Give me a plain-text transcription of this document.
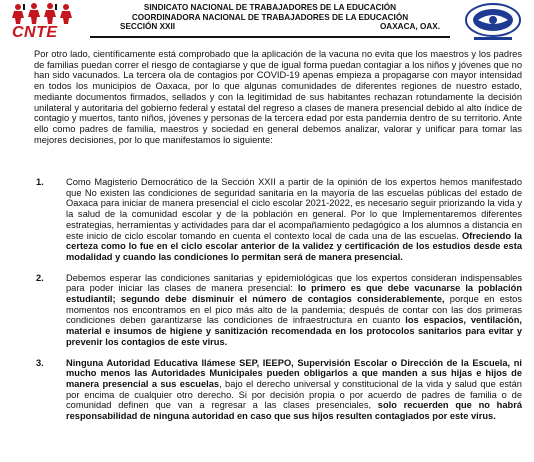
CNTE
SINDICATO NACIONAL DE TRABAJADORES DE LA EDUCACIÓN
COORDINADORA NACIONAL DE TRABAJADORES DE LA EDUCACIÓN
SECCIÓN XXII	OAXACA, OAX.

Por otro lado, científicamente está comprobado que la aplicación de la vacuna no evita que los maestros y los padres de familias puedan correr el riesgo de contagiarse y que de igual forma puedan contagiar a los niños y jóvenes que no han sido vacunados. La tercera ola de contagios por COVID-19 apenas empieza a propagarse con mayor intensidad en todos los municipios de Oaxaca, por lo que algunas comunidades de diferentes regiones de nuestro estado, mediante documentos firmados, sellados y con la legitimidad de sus habitantes rechazan rotundamente la decisión unilateral y autoritaria del gobierno federal y estatal del regreso a clases de manera presencial debido al alto índice de contagio y muertos, tanto niños, jóvenes y personas de la tercera edad por esta pandemia dentro de su territorio. Ante ello como padres de familia, maestros y sociedad en general debemos analizar, valorar y unificar para tomar las mejores decisiones, por lo que manifestamos lo siguiente:

1. Como Magisterio Democrático de la Sección XXII a partir de la opinión de los expertos hemos manifestado que No existen las condiciones de seguridad sanitaria en la mayoría de las escuelas públicas del estado de Oaxaca para iniciar de manera presencial el ciclo escolar 2021-2022, es necesario seguir priorizando la vida y la salud de la comunidad escolar y de la población en general. Por lo que Implementaremos diferentes estrategias, herramientas y actividades para dar el acompañamiento pedagógico a los alumnos a distancia en este inicio de ciclo escolar tomando en cuenta el contexto local de cada una de las escuelas. Ofreciendo la certeza como lo fue en el ciclo escolar anterior de la validez y certificación de los estudios desde esta modalidad y cuando las condiciones lo permitan será de manera presencial.
2. Debemos esperar las condiciones sanitarias y epidemiológicas que los expertos consideran indispensables para poder iniciar las clases de manera presencial: lo primero es que debe vacunarse la población estudiantil; segundo debe disminuir el número de contagios considerablemente, porque en estos momentos nos encontramos en el pico más alto de la pandemia; después de contar con las dos primeras condiciones deben garantizarse las condiciones de infraestructura en cuanto los espacios, ventilación, material e insumos de higiene y sanitización recomendada en los protocolos sanitarios para evitar y prevenir los contagios de este virus.
3. Ninguna Autoridad Educativa llámese SEP, IEEPO, Supervisión Escolar o Dirección de la Escuela, ni mucho menos las Autoridades Municipales pueden obligarlos a que manden a sus hijas e hijos de manera presencial a sus escuelas, bajo el derecho universal y constitucional de la vida y salud que están por encima de cualquier otro derecho. Si por decisión propia o por acuerdo de padres de familia o de comunidad definen que van a regresar a las clases presenciales, solo recuerden que no habrá responsabilidad de ninguna autoridad en caso que sus hijos resulten contagiados por este virus.
